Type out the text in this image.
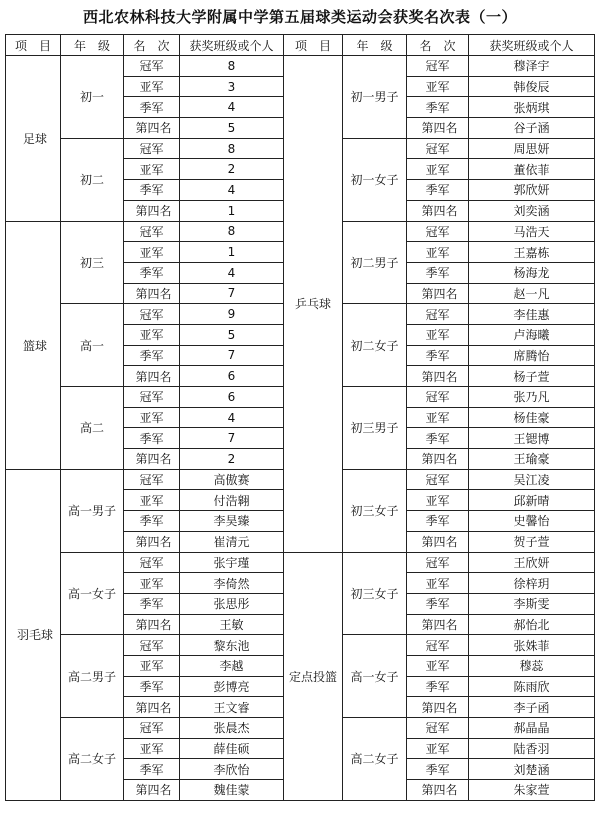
西北农林科技大学附属中学第五届球类运动会获奖名次表（一）
项　目	年　级	名　次	获奖班级或个人	项　目	年　级	名　次	获奖班级或个人
足球	初一	冠军	8	乒乓球	初一男子	冠军	穆泽宇
		亚军	3			亚军	韩俊辰
		季军	4			季军	张炳琪
		第四名	5			第四名	谷子涵
	初二	冠军	8		初一女子	冠军	周思妍
		亚军	2			亚军	董依菲
		季军	4			季军	郭欣妍
		第四名	1			第四名	刘奕涵
篮球	初三	冠军	8		初二男子	冠军	马浩天
		亚军	1			亚军	王嘉栋
		季军	4			季军	杨海龙
		第四名	7			第四名	赵一凡
	高一	冠军	9		初二女子	冠军	李佳惠
		亚军	5			亚军	卢海曦
		季军	7			季军	席腾怡
		第四名	6			第四名	杨子萱
	高二	冠军	6		初三男子	冠军	张乃凡
		亚军	4			亚军	杨佳豪
		季军	7			季军	王锶博
		第四名	2			第四名	王瑜豪
羽毛球	高一男子	冠军	高傲赛		初三女子	冠军	吴江凌
		亚军	付浩翱			亚军	邱新晴
		季军	李昊臻			季军	史馨怡
		第四名	崔清元			第四名	贺子萱
	高一女子	冠军	张宇瑾	定点投篮	初三女子	冠军	王欣妍
		亚军	李倚然			亚军	徐梓玥
		季军	张思彤			季军	李斯雯
		第四名	王敏			第四名	郝怡北
	高二男子	冠军	黎东池		高一女子	冠军	张姝菲
		亚军	李越			亚军	穆蕊
		季军	彭博亮			季军	陈雨欣
		第四名	王文睿			第四名	李子函
	高二女子	冠军	张晨杰		高二女子	冠军	郝晶晶
		亚军	薛佳硕			亚军	陆香羽
		季军	李欣怡			季军	刘楚涵
		第四名	魏佳蒙			第四名	朱家萱
